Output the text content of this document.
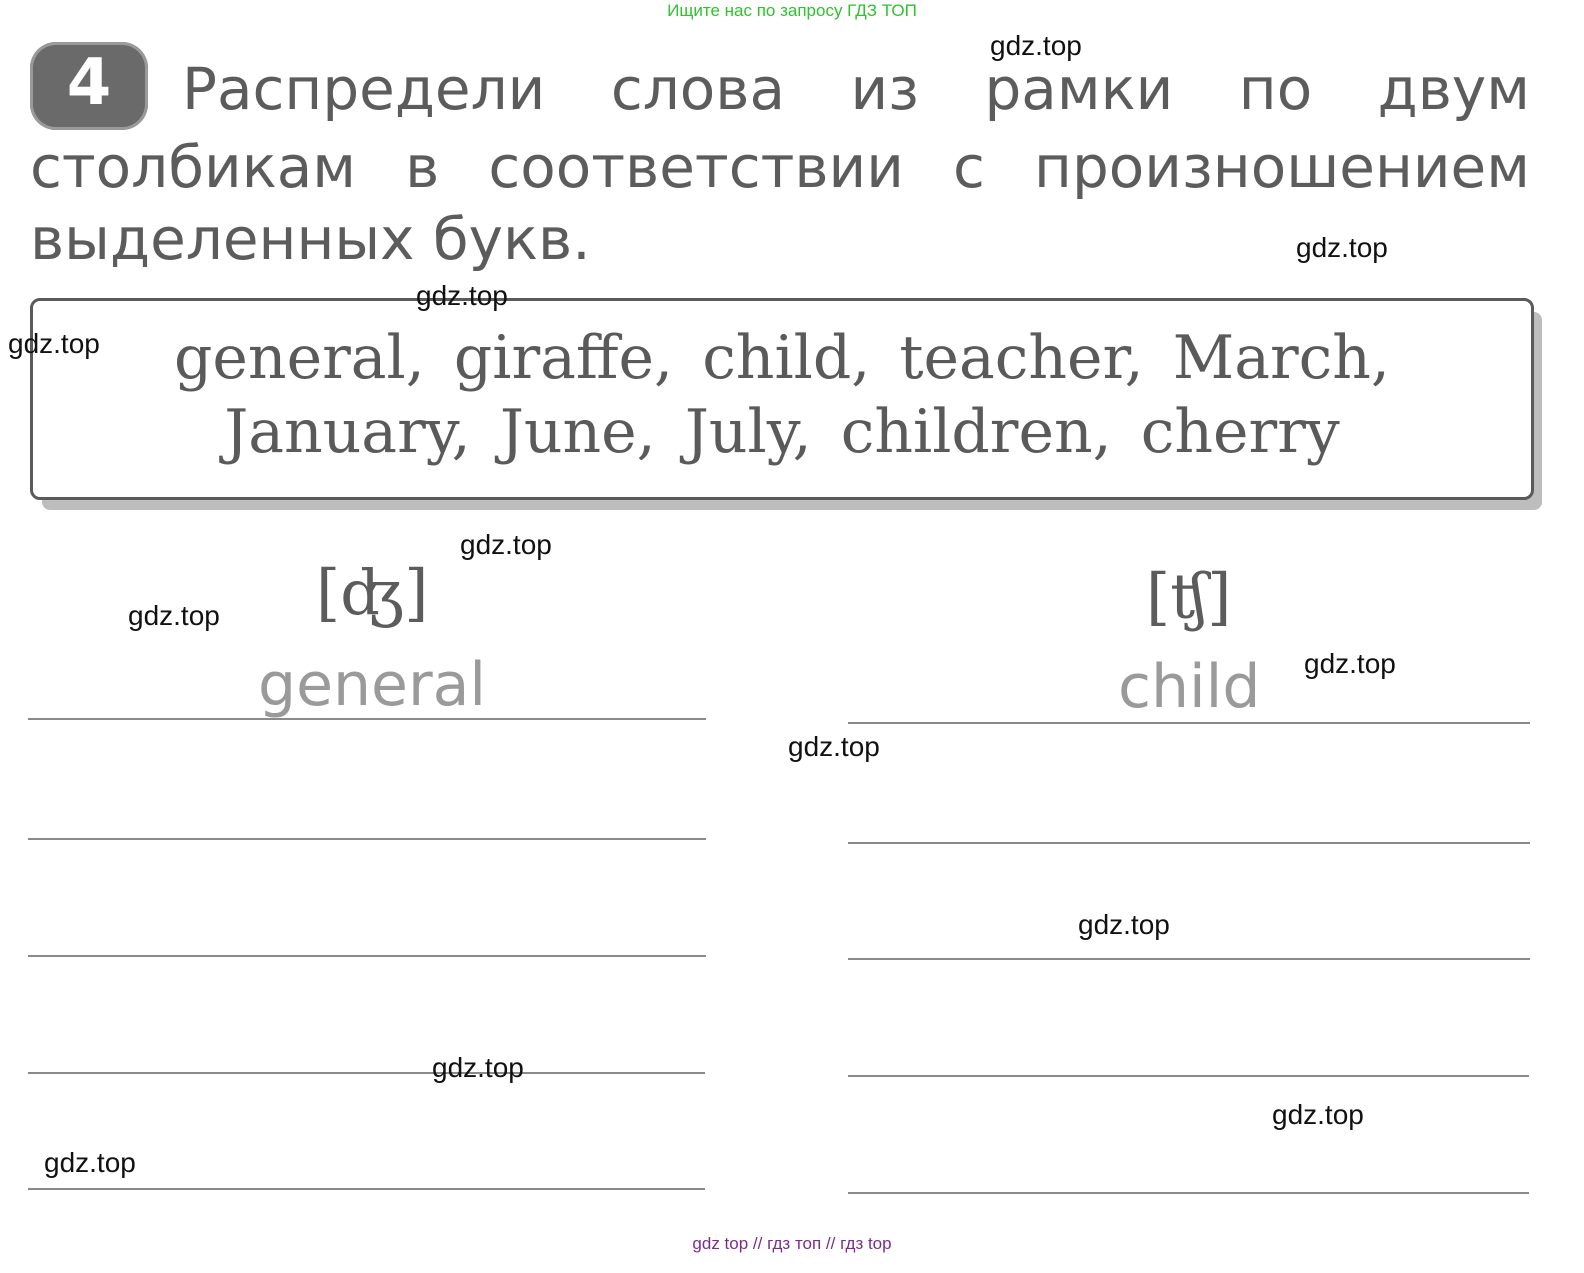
Ищите нас по запросу ГДЗ ТОП
4	Распредели слова из рамки по двум
столбикам в соответствии с произношением
выделенных букв.
general, giraffe, child, teacher, March,
January, June, July, children, cherry
[ʤ]	[ʧ]
general	child
gdz.top
gdz.top
gdz.top
gdz.top
gdz.top
gdz.top
gdz.top
gdz.top
gdz.top
gdz.top
gdz.top
gdz.top
gdz top // гдз топ // гдз top
